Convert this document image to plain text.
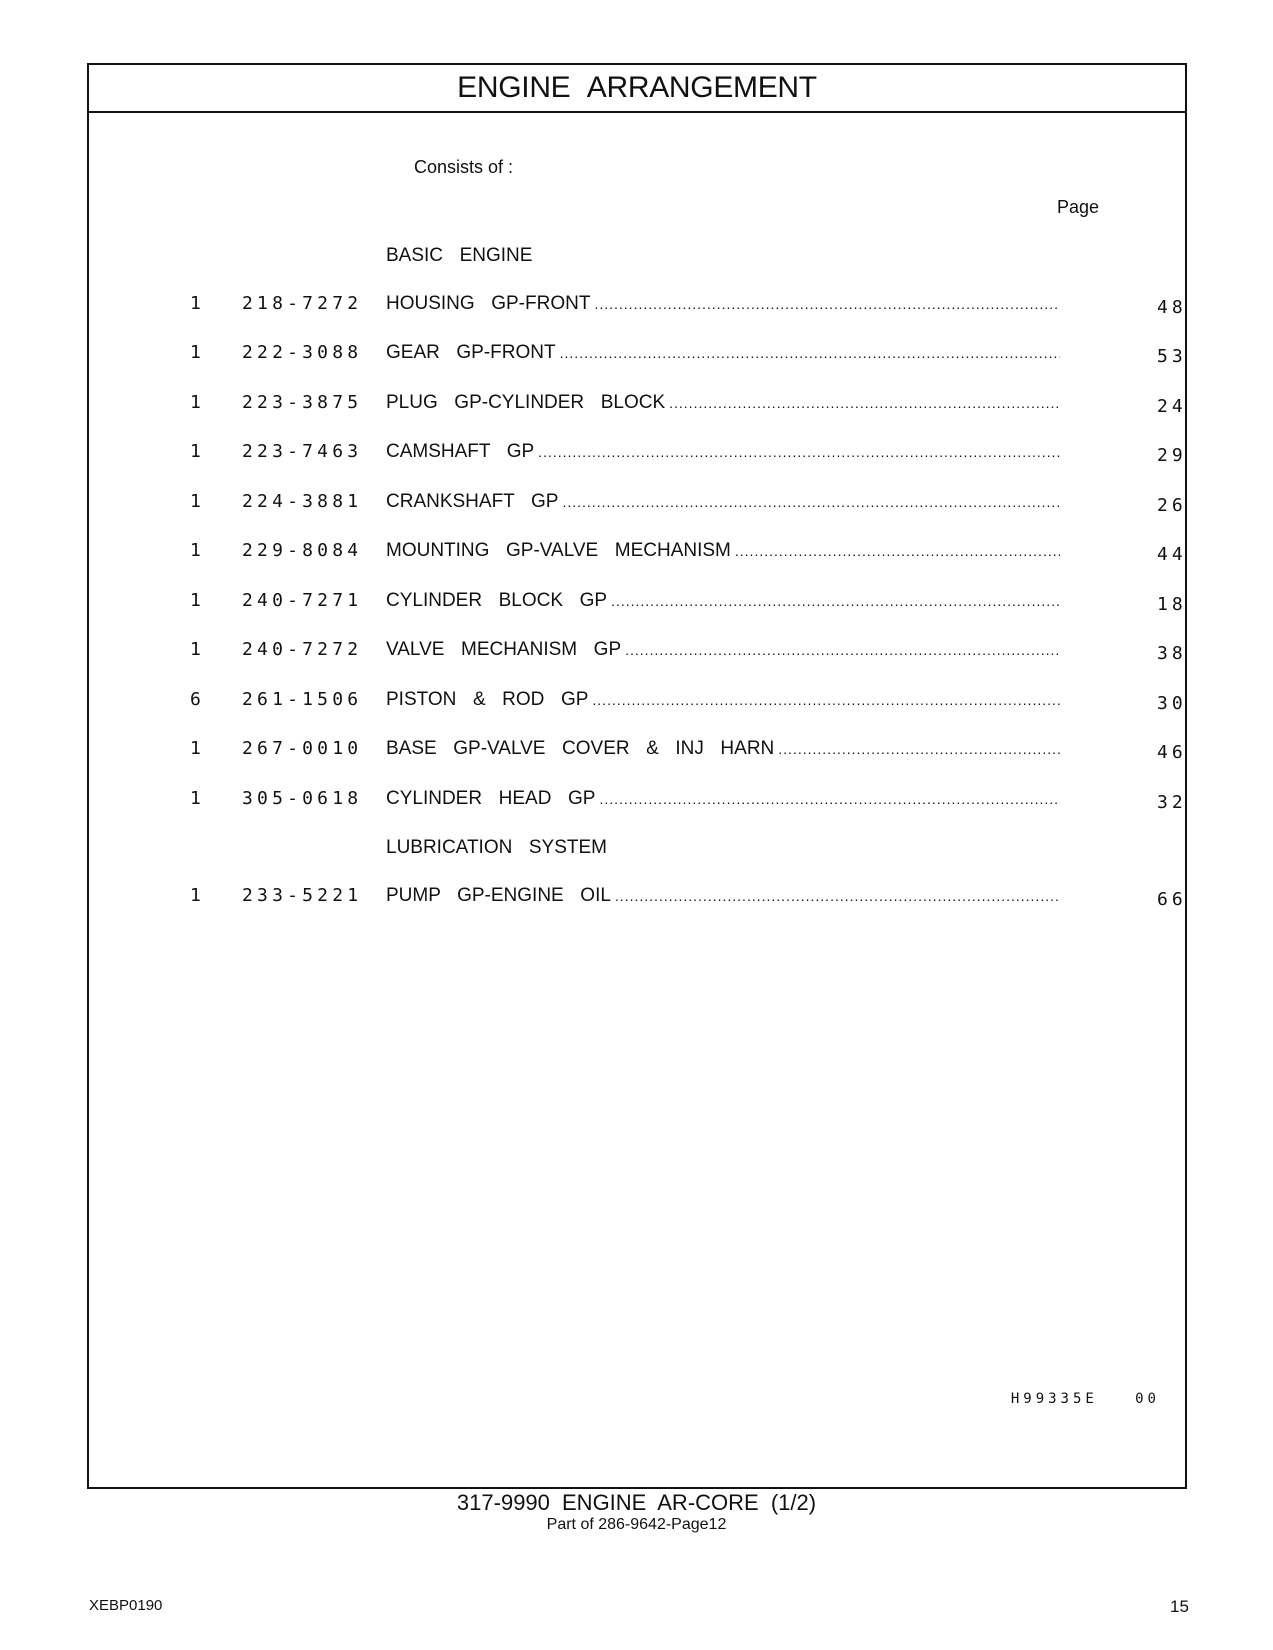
ENGINE ARRANGEMENT
Consists of :
Page
BASIC  ENGINE
1 218-7272 HOUSING  GP-FRONT .....	48
1 222-3088 GEAR  GP-FRONT .....	53
1 223-3875 PLUG  GP-CYLINDER  BLOCK .....	24
1 223-7463 CAMSHAFT  GP .....	29
1 224-3881 CRANKSHAFT  GP .....	26
1 229-8084 MOUNTING  GP-VALVE  MECHANISM .....	44
1 240-7271 CYLINDER  BLOCK  GP .....	18
1 240-7272 VALVE  MECHANISM  GP .....	38
6 261-1506 PISTON  &  ROD  GP .....	30
1 267-0010 BASE  GP-VALVE  COVER  &  INJ  HARN .....	46
1 305-0618 CYLINDER  HEAD  GP .....	32
LUBRICATION  SYSTEM
1 233-5221 PUMP  GP-ENGINE  OIL .....	66
H99335E   00
317-9990 ENGINE AR-CORE (1/2)
Part of 286-9642-Page12
XEBP0190	15
